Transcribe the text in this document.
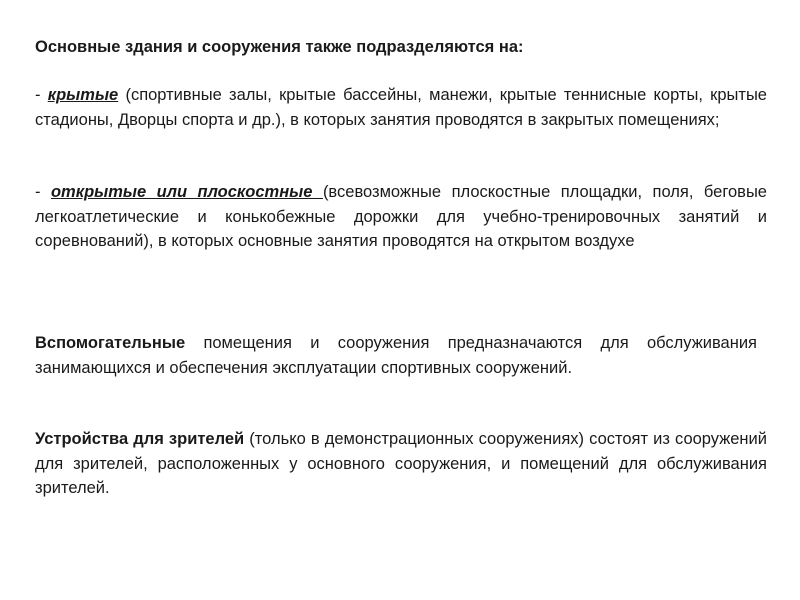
Основные здания и сооружения также подразделяются на:

- крытые (спортивные залы, крытые бассейны, манежи, крытые теннисные корты, крытые стадионы, Дворцы спорта и др.), в которых занятия проводятся в закрытых помещениях;

- открытые или плоскостные (всевозможные плоскостные площадки, поля, беговые легкоатлетические и конькобежные дорожки для учебно-тренировочных занятий и соревнований), в которых основные занятия проводятся на открытом воздухе

Вспомогательные помещения и сооружения предназначаются для обслуживания занимающихся и обеспечения эксплуатации спортивных сооружений.

Устройства для зрителей (только в демонстрационных сооружениях) состоят из сооружений для зрителей, расположенных у основного сооружения, и помещений для обслуживания зрителей.
